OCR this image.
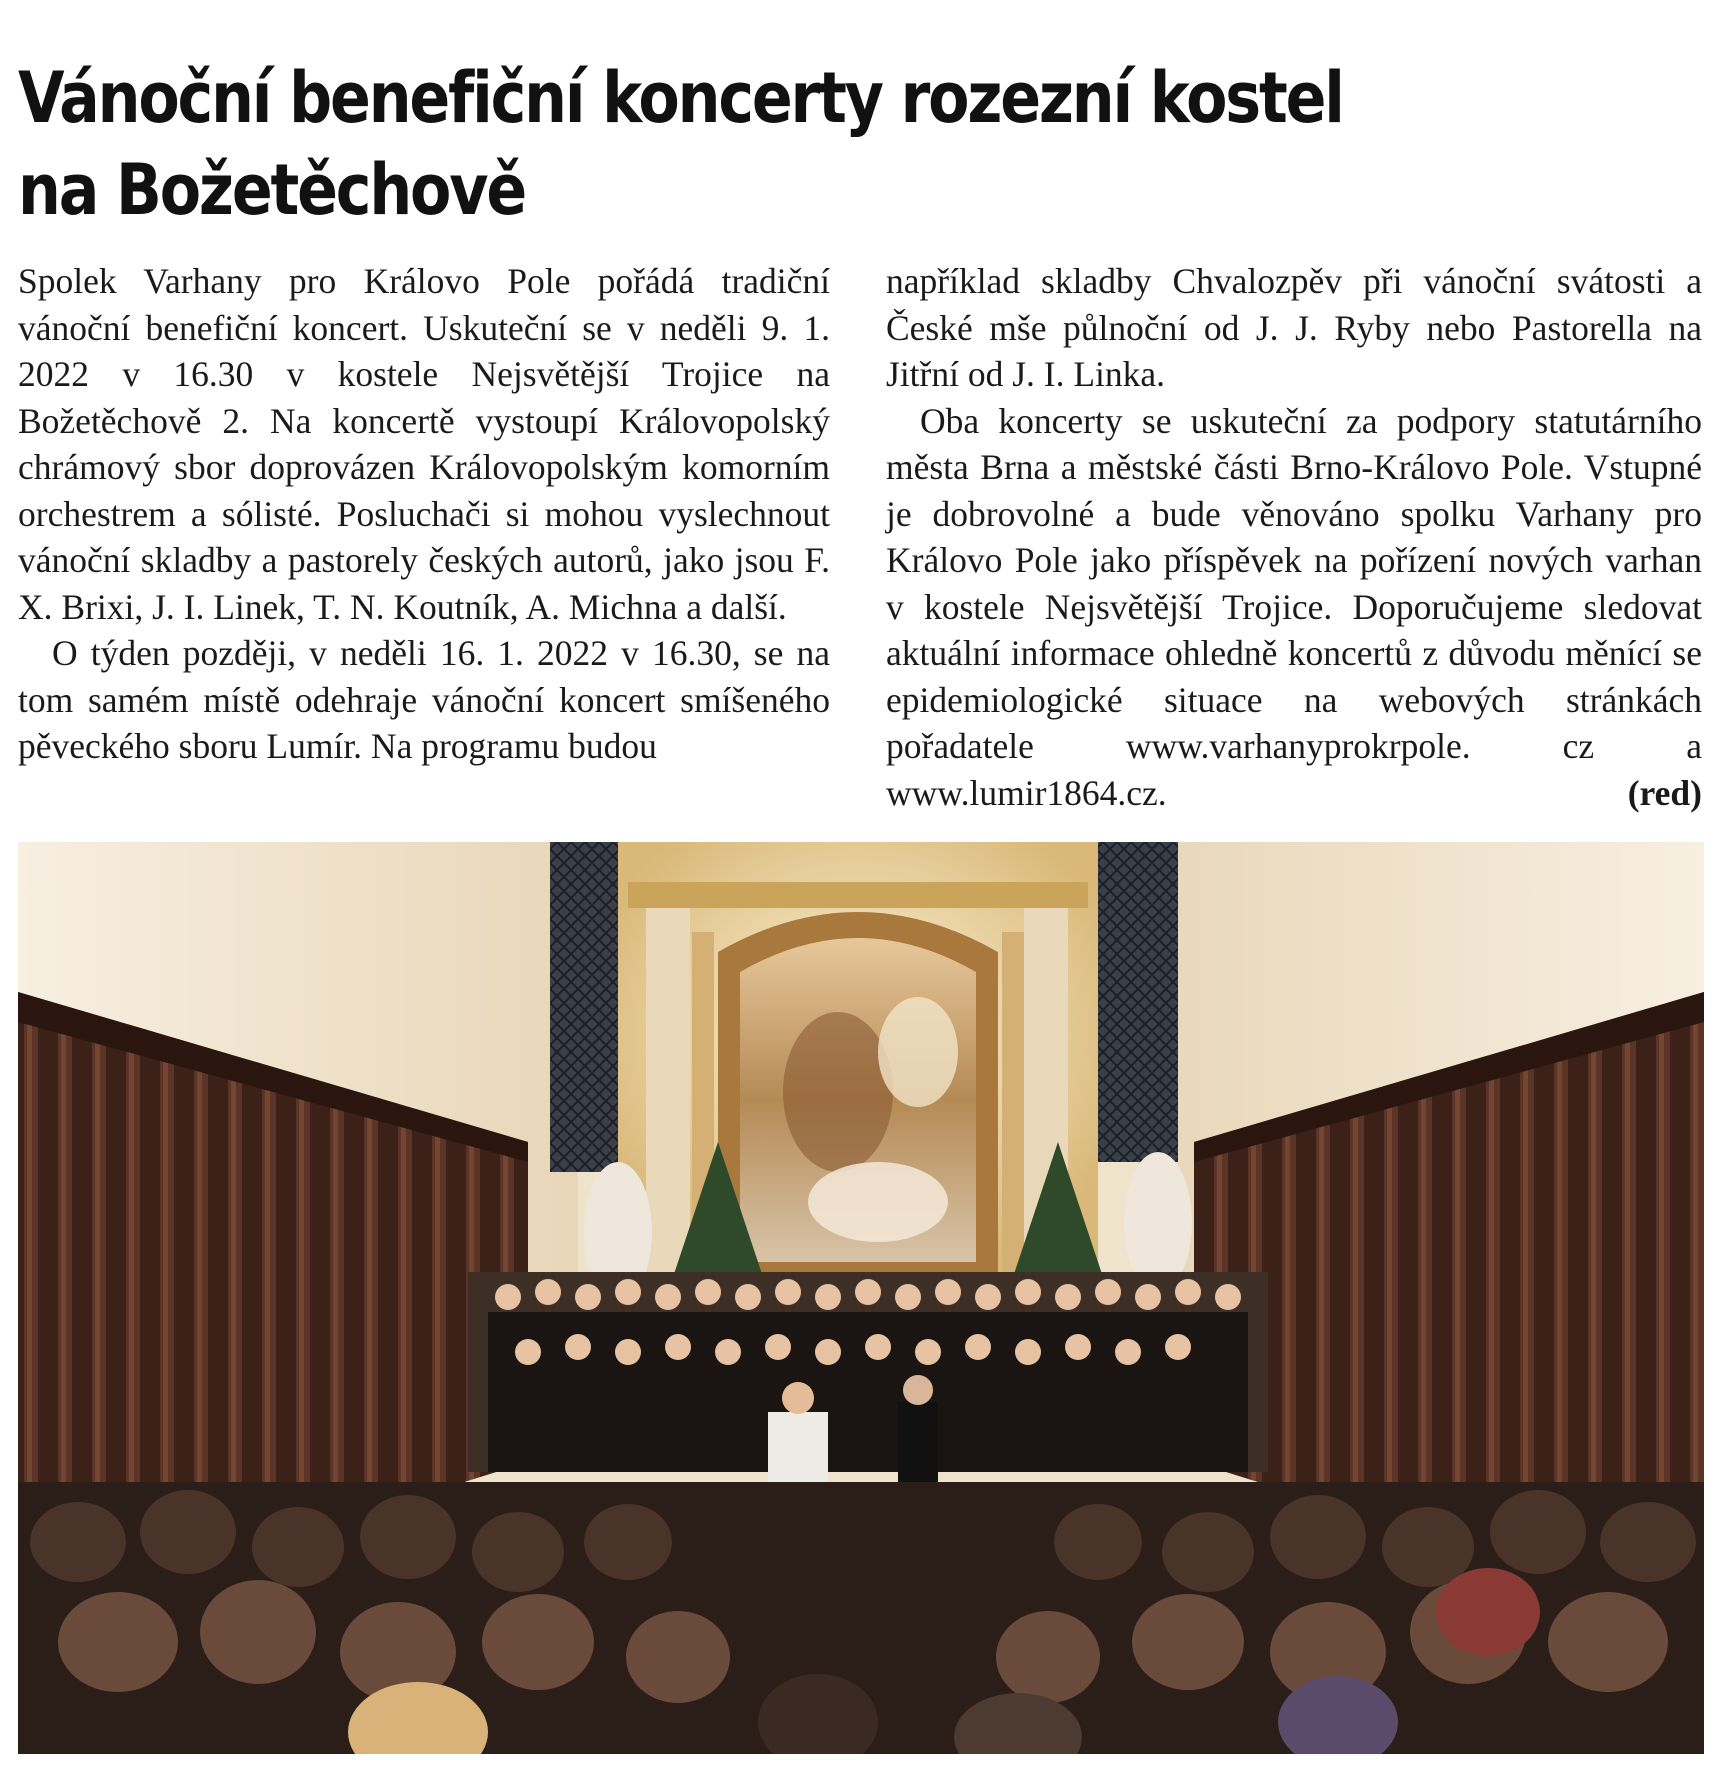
Vánoční benefiční koncerty rozezní kostel
na Božetěchově

Spolek Varhany pro Královo Pole pořádá tradiční vánoční benefiční koncert. Uskuteční se v neděli 9. 1. 2022 v 16.30 v kostele Nejsvětější Trojice na Božetěchově 2. Na koncertě vystoupí Královopolský chrámový sbor doprovázen Královopolským komorním orchestrem a sólisté. Posluchači si mohou vyslechnout vánoční skladby a pastorely českých autorů, jako jsou F. X. Brixi, J. I. Linek, T. N. Koutník, A. Michna a další.

O týden později, v neděli 16. 1. 2022 v 16.30, se na tom samém místě odehraje vánoční koncert smíšeného pěveckého sboru Lumír. Na programu budou

například skladby Chvalozpěv při vánoční svátosti a České mše půlnoční od J. J. Ryby nebo Pastorella na Jitřní od J. I. Linka.

Oba koncerty se uskuteční za podpory statutárního města Brna a městské části Brno-Královo Pole. Vstupné je dobrovolné a bude věnováno spolku Varhany pro Královo Pole jako příspěvek na pořízení nových varhan v kostele Nejsvětější Trojice. Doporučujeme sledovat aktuální informace ohledně koncertů z důvodu měnící se epidemiologické situace na webových stránkách pořadatele www.varhanyprokrpole. cz a www.lumir1864.cz.	(red)
